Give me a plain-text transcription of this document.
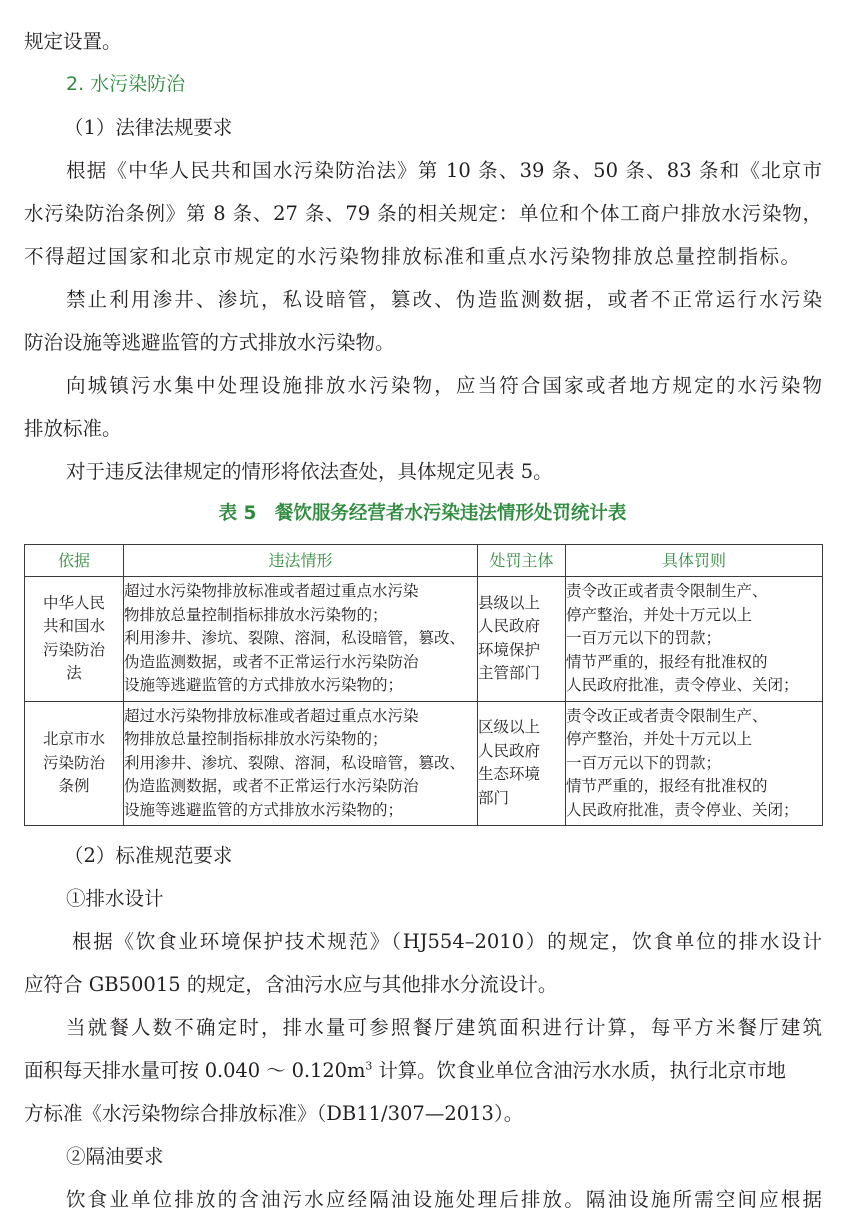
规定设置。
2. 水污染防治
（1）法律法规要求
根据《中华人民共和国水污染防治法》第 10 条、39 条、50 条、83 条和《北京市
水污染防治条例》第 8 条、27 条、79 条的相关规定：单位和个体工商户排放水污染物，
不得超过国家和北京市规定的水污染物排放标准和重点水污染物排放总量控制指标。
禁止利用渗井、渗坑，私设暗管，篡改、伪造监测数据，或者不正常运行水污染
防治设施等逃避监管的方式排放水污染物。
向城镇污水集中处理设施排放水污染物，应当符合国家或者地方规定的水污染物
排放标准。
对于违反法律规定的情形将依法查处，具体规定见表 5。
表 5　餐饮服务经营者水污染违法情形处罚统计表
依据	违法情形	处罚主体	具体罚则

中华人民
共和国水
污染防治
法	超过水污染物排放标准或者超过重点水污染
物排放总量控制指标排放水污染物的；
利用渗井、渗坑、裂隙、溶洞，私设暗管，篡改、
伪造监测数据，或者不正常运行水污染防治
设施等逃避监管的方式排放水污染物的；	县级以上
人民政府
环境保护
主管部门	责令改正或者责令限制生产、
停产整治，并处十万元以上
一百万元以下的罚款；
情节严重的，报经有批准权的
人民政府批准，责令停业、关闭；

北京市水
污染防治
条例	超过水污染物排放标准或者超过重点水污染
物排放总量控制指标排放水污染物的；
利用渗井、渗坑、裂隙、溶洞，私设暗管，篡改、
伪造监测数据，或者不正常运行水污染防治
设施等逃避监管的方式排放水污染物的；	区级以上
人民政府
生态环境
部门	责令改正或者责令限制生产、
停产整治，并处十万元以上
一百万元以下的罚款；
情节严重的，报经有批准权的
人民政府批准，责令停业、关闭；
（2）标准规范要求
①排水设计
根据《饮食业环境保护技术规范》（HJ554–2010）的规定，饮食单位的排水设计
应符合 GB50015 的规定，含油污水应与其他排水分流设计。
当就餐人数不确定时，排水量可参照餐厅建筑面积进行计算，每平方米餐厅建筑
面积每天排水量可按 0.040 ～ $0.120m^3$ 计算。饮食业单位含油污水水质，执行北京市地
方标准《水污染物综合排放标准》（DB11/307—2013）。
②隔油要求
饮食业单位排放的含油污水应经隔油设施处理后排放。隔油设施所需空间应根据
